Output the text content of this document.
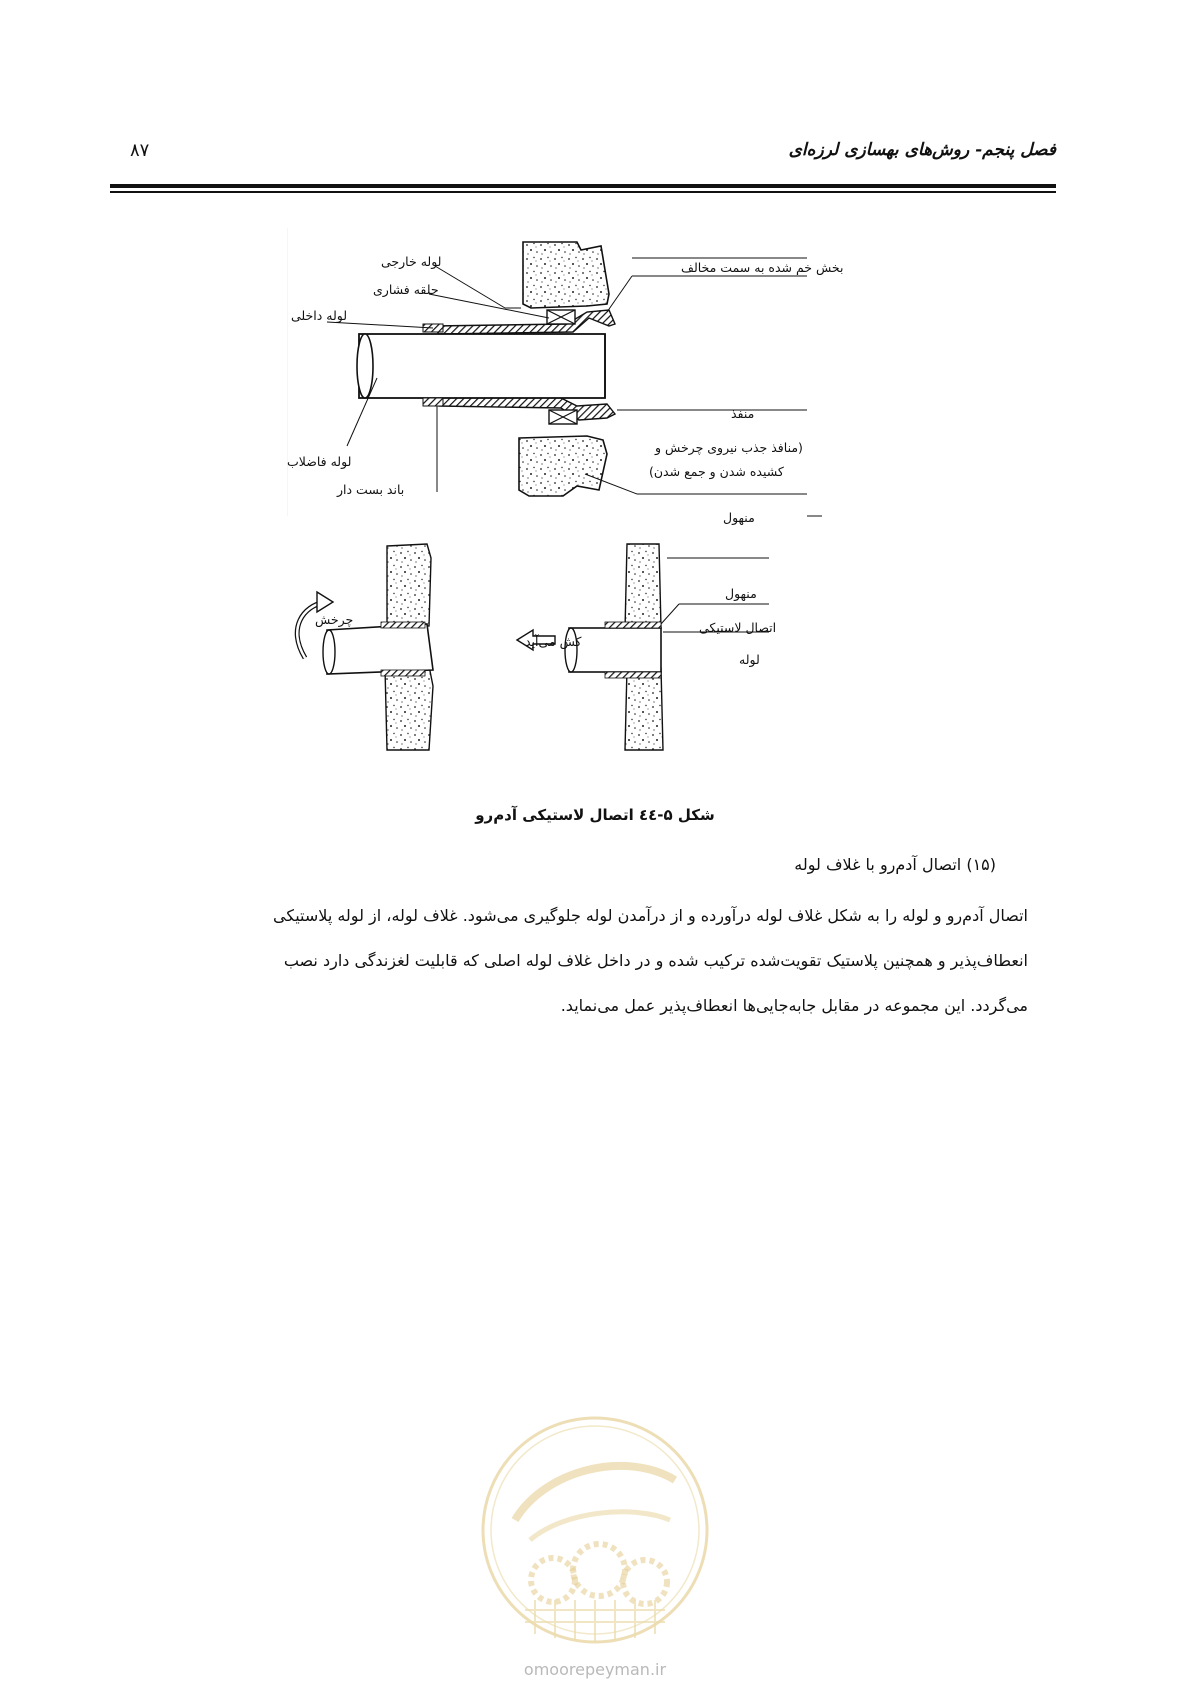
فصل پنجم- روش‌های بهسازی لرزه‌ای
۸۷
لوله خارجی
حلقه فشاری
لوله داخلی
لوله فاضلاب
باند بست دار
بخش خم شده به سمت مخالف
منفذ
(منافذ جذب نیروی چرخش و
کشیده شدن و جمع شدن)
منهول
چرخش
کش می‌آید
منهول
اتصال لاستیکی
لوله
شکل ۵-٤٤ اتصال لاستیکی آدم‌رو
(۱۵) اتصال آدم‌رو با غلاف لوله

اتصال آدم‌رو و لوله را به شکل غلاف لوله درآورده و از درآمدن لوله جلوگیری می‌شود. غلاف لوله، از لوله پلاستیکی

انعطاف‌پذیر و همچنین پلاستیک تقویت‌شده ترکیب شده و در داخل غلاف لوله اصلی که قابلیت لغزندگی دارد نصب

می‌گردد. این مجموعه در مقابل جابه‌جایی‌ها انعطاف‌پذیر عمل می‌نماید.

omoorepeyman.ir
